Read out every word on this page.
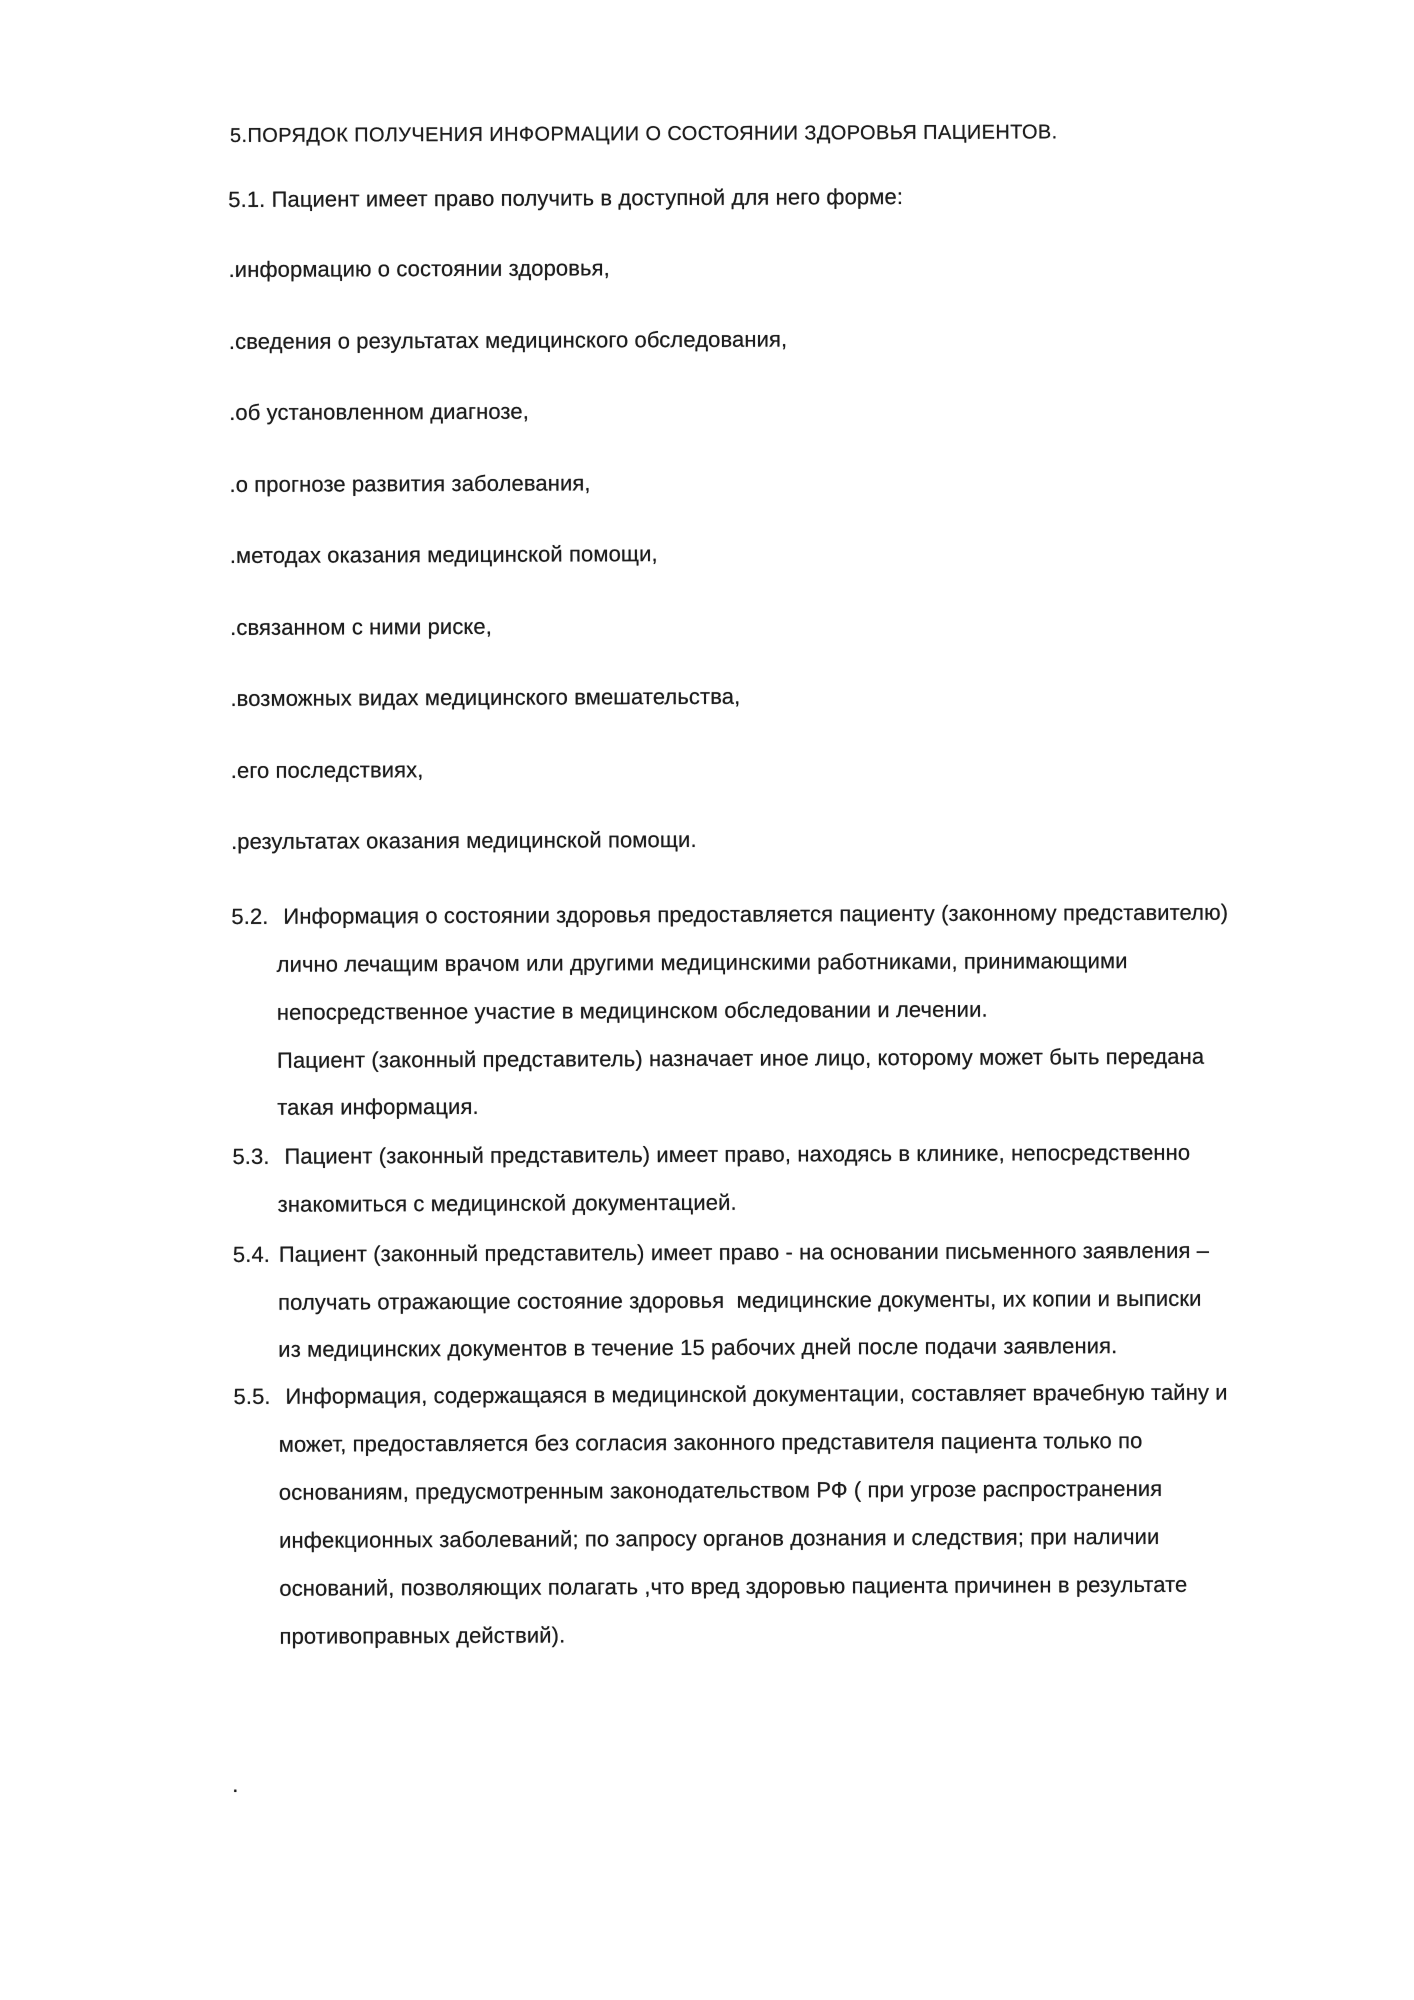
5.ПОРЯДОК ПОЛУЧЕНИЯ ИНФОРМАЦИИ О СОСТОЯНИИ ЗДОРОВЬЯ ПАЦИЕНТОВ.
5.1. Пациент имеет право получить в доступной для него форме:
.информацию о состоянии здоровья,
.сведения о результатах медицинского обследования,
.об установленном диагнозе,
.о прогнозе развития заболевания,
.методах оказания медицинской помощи,
.связанном с ними риске,
.возможных видах медицинского вмешательства,
.его последствиях,
.результатах оказания медицинской помощи.
5.2. Информация о состоянии здоровья предоставляется пациенту (законному представителю)
лично лечащим врачом или другими медицинскими работниками, принимающими
непосредственное участие в медицинском обследовании и лечении.
Пациент (законный представитель) назначает иное лицо, которому может быть передана
такая информация.
5.3. Пациент (законный представитель) имеет право, находясь в клинике, непосредственно
знакомиться с медицинской документацией.
5.4. Пациент (законный представитель) имеет право - на основании письменного заявления –
получать отражающие состояние здоровья  медицинские документы, их копии и выписки
из медицинских документов в течение 15 рабочих дней после подачи заявления.
5.5. Информация, содержащаяся в медицинской документации, составляет врачебную тайну и
может, предоставляется без согласия законного представителя пациента только по
основаниям, предусмотренным законодательством РФ ( при угрозе распространения
инфекционных заболеваний; по запросу органов дознания и следствия; при наличии
оснований, позволяющих полагать ,что вред здоровью пациента причинен в результате
противоправных действий).
.
